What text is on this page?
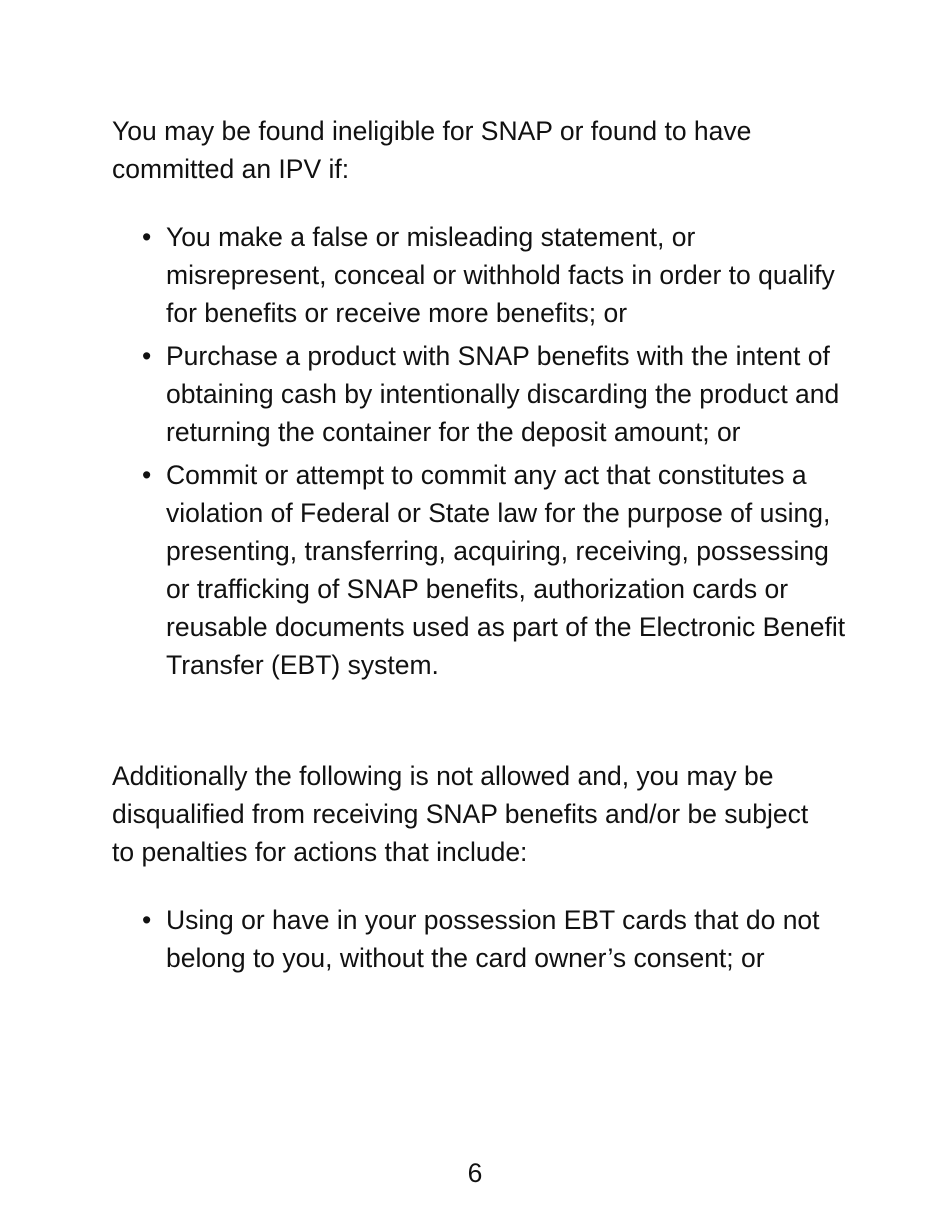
You may be found ineligible for SNAP or found to have committed an IPV if:

• You make a false or misleading statement, or misrepresent, conceal or withhold facts in order to qualify for benefits or receive more benefits; or
• Purchase a product with SNAP benefits with the intent of obtaining cash by intentionally discarding the product and returning the container for the deposit amount; or
• Commit or attempt to commit any act that constitutes a violation of Federal or State law for the purpose of using, presenting, transferring, acquiring, receiving, possessing or trafficking of SNAP benefits, authorization cards or reusable documents used as part of the Electronic Benefit Transfer (EBT) system.

Additionally the following is not allowed and, you may be disqualified from receiving SNAP benefits and/or be subject to penalties for actions that include:

• Using or have in your possession EBT cards that do not belong to you, without the card owner’s consent; or
6
